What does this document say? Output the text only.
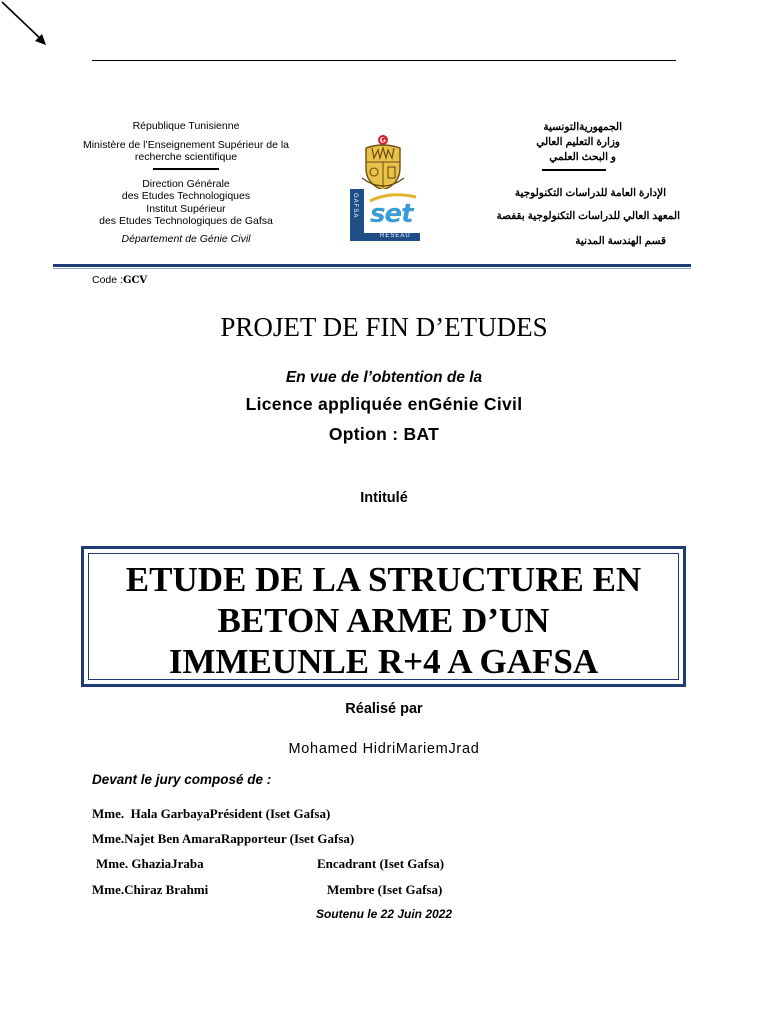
République Tunisienne
Ministère de l’Enseignement Supérieur de la recherche scientifique
Direction Générale
des Etudes Technologiques
Institut Supérieur
des Etudes Technologiques de Gafsa
Département de Génie Civil
GAFSA set
RÉSEAU
الجمهوريةالتونسية
وزارة التعليم العالي
و البحث العلمي
الإدارة العامة للدراسات التكنولوجية
المعهد العالي للدراسات التكنولوجية بقفصة
قسم الهندسة المدنية
Code :GCV
PROJET DE FIN D’ETUDES
En vue de l’obtention de la
Licence appliquée enGénie Civil
Option : BAT
Intitulé
ETUDE DE LA STRUCTURE EN
BETON ARME D’UN
IMMEUNLE R+4 A GAFSA
Réalisé par
Mohamed HidriMariemJrad
Devant le jury composé de :
Mme.  Hala GarbayaPrésident (Iset Gafsa)
Mme.Najet Ben AmaraRapporteur (Iset Gafsa)
Mme. GhaziaJraba	Encadrant (Iset Gafsa)
Mme.Chiraz Brahmi	Membre (Iset Gafsa)
Soutenu le 22 Juin 2022
